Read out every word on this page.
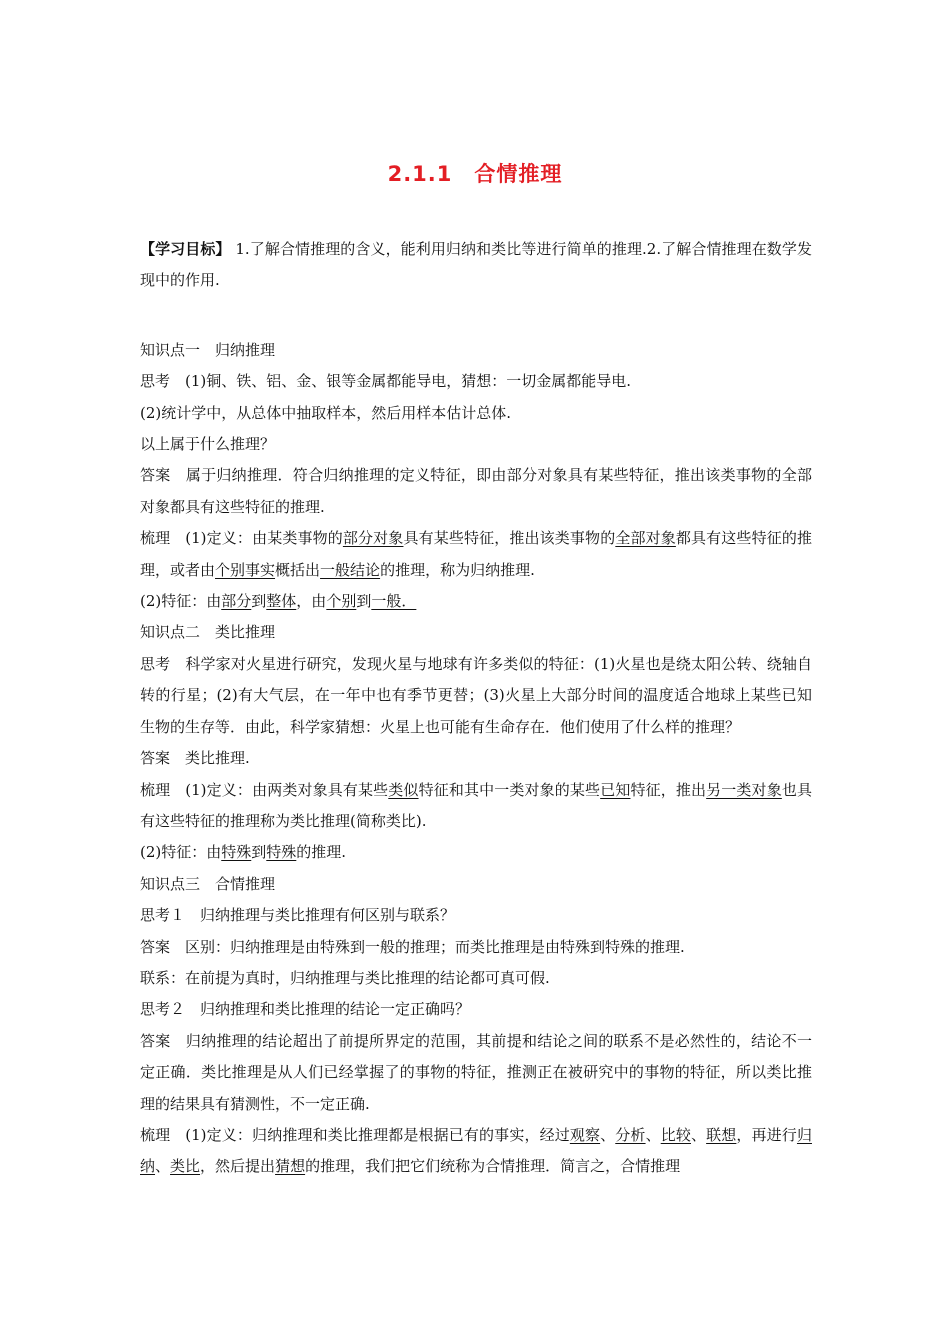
2.1.1　合情推理
【学习目标】 1.了解合情推理的含义，能利用归纳和类比等进行简单的推理.2.了解合情推理在数学发现中的作用.
知识点一　归纳推理
思考 (1)铜、铁、铝、金、银等金属都能导电，猜想：一切金属都能导电.
(2)统计学中，从总体中抽取样本，然后用样本估计总体.
以上属于什么推理？
答案 属于归纳推理．符合归纳推理的定义特征，即由部分对象具有某些特征，推出该类事物的全部对象都具有这些特征的推理.
梳理 (1)定义：由某类事物的部分对象具有某些特征，推出该类事物的全部对象都具有这些特征的推理，或者由个别事实概括出一般结论的推理，称为归纳推理.
(2)特征：由部分到整体，由个别到一般．
知识点二　类比推理
思考 科学家对火星进行研究，发现火星与地球有许多类似的特征：(1)火星也是绕太阳公转、绕轴自转的行星；(2)有大气层，在一年中也有季节更替；(3)火星上大部分时间的温度适合地球上某些已知生物的生存等．由此，科学家猜想：火星上也可能有生命存在．他们使用了什么样的推理？
答案 类比推理.
梳理 (1)定义：由两类对象具有某些类似特征和其中一类对象的某些已知特征，推出另一类对象也具有这些特征的推理称为类比推理(简称类比).
(2)特征：由特殊到特殊的推理.
知识点三　合情推理
思考１ 归纳推理与类比推理有何区别与联系？
答案 区别：归纳推理是由特殊到一般的推理；而类比推理是由特殊到特殊的推理.
联系：在前提为真时，归纳推理与类比推理的结论都可真可假.
思考２ 归纳推理和类比推理的结论一定正确吗？
答案 归纳推理的结论超出了前提所界定的范围，其前提和结论之间的联系不是必然性的，结论不一定正确．类比推理是从人们已经掌握了的事物的特征，推测正在被研究中的事物的特征，所以类比推理的结果具有猜测性，不一定正确.
梳理 (1)定义：归纳推理和类比推理都是根据已有的事实，经过观察、分析、比较、联想，再进行归纳、类比，然后提出猜想的推理，我们把它们统称为合情推理．简言之，合情推理
